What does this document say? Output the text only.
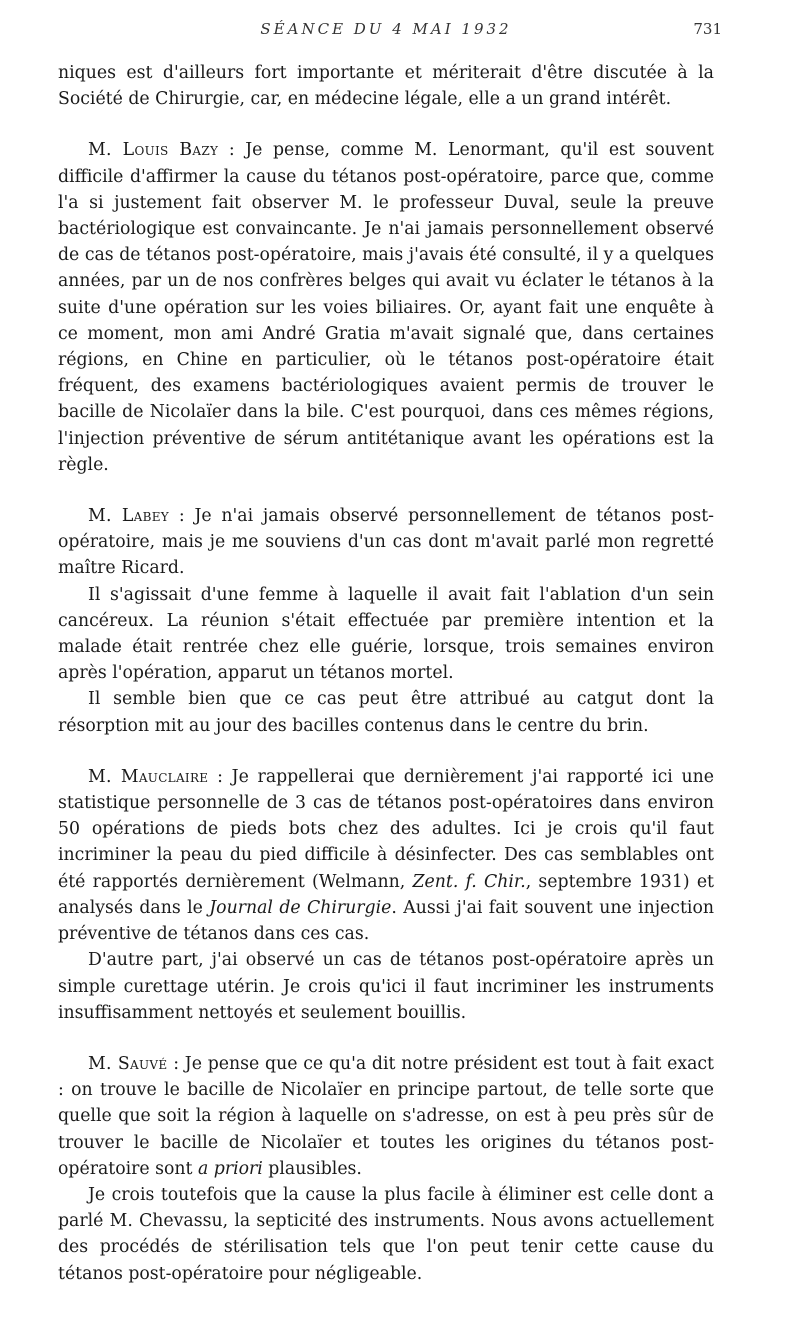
SÉANCE DU 4 MAI 1932	731

niques est d'ailleurs fort importante et mériterait d'être discutée à la Société de Chirurgie, car, en médecine légale, elle a un grand intérêt.

M. Louis Bazy : Je pense, comme M. Lenormant, qu'il est souvent difficile d'affirmer la cause du tétanos post-opératoire, parce que, comme l'a si justement fait observer M. le professeur Duval, seule la preuve bactériologique est convaincante. Je n'ai jamais personnellement observé de cas de tétanos post-opératoire, mais j'avais été consulté, il y a quelques années, par un de nos confrères belges qui avait vu éclater le tétanos à la suite d'une opération sur les voies biliaires. Or, ayant fait une enquête à ce moment, mon ami André Gratia m'avait signalé que, dans certaines régions, en Chine en particulier, où le tétanos post-opératoire était fréquent, des examens bactériologiques avaient permis de trouver le bacille de Nicolaïer dans la bile. C'est pourquoi, dans ces mêmes régions, l'injection préventive de sérum antitétanique avant les opérations est la règle.

M. Labey : Je n'ai jamais observé personnellement de tétanos post-opératoire, mais je me souviens d'un cas dont m'avait parlé mon regretté maître Ricard.

Il s'agissait d'une femme à laquelle il avait fait l'ablation d'un sein cancéreux. La réunion s'était effectuée par première intention et la malade était rentrée chez elle guérie, lorsque, trois semaines environ après l'opération, apparut un tétanos mortel.

Il semble bien que ce cas peut être attribué au catgut dont la résorption mit au jour des bacilles contenus dans le centre du brin.

M. Mauclaire : Je rappellerai que dernièrement j'ai rapporté ici une statistique personnelle de 3 cas de tétanos post-opératoires dans environ 50 opérations de pieds bots chez des adultes. Ici je crois qu'il faut incriminer la peau du pied difficile à désinfecter. Des cas semblables ont été rapportés dernièrement (Welmann, Zent. f. Chir., septembre 1931) et analysés dans le Journal de Chirurgie. Aussi j'ai fait souvent une injection préventive de tétanos dans ces cas.

D'autre part, j'ai observé un cas de tétanos post-opératoire après un simple curettage utérin. Je crois qu'ici il faut incriminer les instruments insuffisamment nettoyés et seulement bouillis.

M. Sauvé : Je pense que ce qu'a dit notre président est tout à fait exact : on trouve le bacille de Nicolaïer en principe partout, de telle sorte que quelle que soit la région à laquelle on s'adresse, on est à peu près sûr de trouver le bacille de Nicolaïer et toutes les origines du tétanos post-opératoire sont a priori plausibles.

Je crois toutefois que la cause la plus facile à éliminer est celle dont a parlé M. Chevassu, la septicité des instruments. Nous avons actuellement des procédés de stérilisation tels que l'on peut tenir cette cause du tétanos post-opératoire pour négligeable.
